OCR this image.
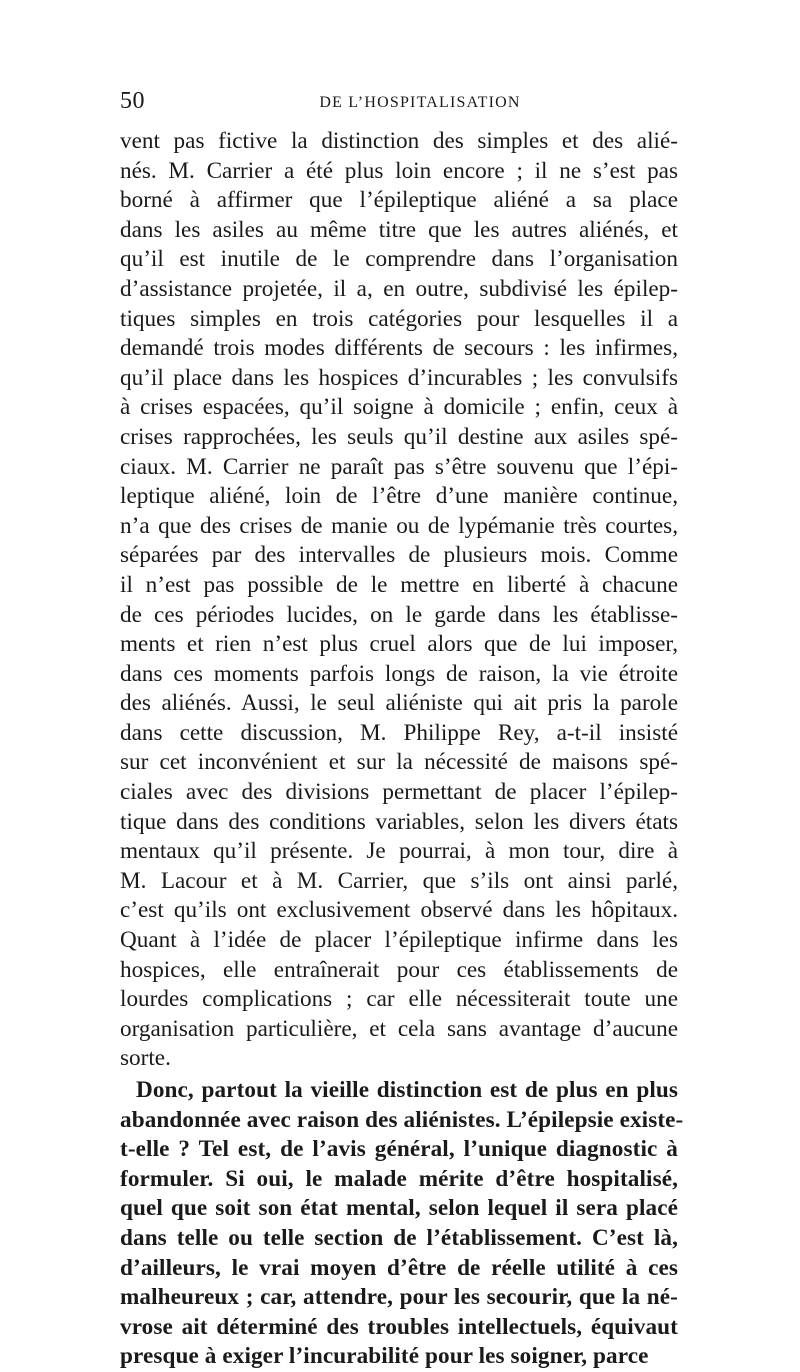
50	DE L’HOSPITALISATION
vent pas fictive la distinction des simples et des alié-
nés. M. Carrier a été plus loin encore ; il ne s’est pas
borné à affirmer que l’épileptique aliéné a sa place
dans les asiles au même titre que les autres aliénés, et
qu’il est inutile de le comprendre dans l’organisation
d’assistance projetée, il a, en outre, subdivisé les épilep-
tiques simples en trois catégories pour lesquelles il a
demandé trois modes différents de secours : les infirmes,
qu’il place dans les hospices d’incurables ; les convulsifs
à crises espacées, qu’il soigne à domicile ; enfin, ceux à
crises rapprochées, les seuls qu’il destine aux asiles spé-
ciaux. M. Carrier ne paraît pas s’être souvenu que l’épi-
leptique aliéné, loin de l’être d’une manière continue,
n’a que des crises de manie ou de lypémanie très courtes,
séparées par des intervalles de plusieurs mois. Comme
il n’est pas possible de le mettre en liberté à chacune
de ces périodes lucides, on le garde dans les établisse-
ments et rien n’est plus cruel alors que de lui imposer,
dans ces moments parfois longs de raison, la vie étroite
des aliénés. Aussi, le seul aliéniste qui ait pris la parole
dans cette discussion, M. Philippe Rey, a-t-il insisté
sur cet inconvénient et sur la nécessité de maisons spé-
ciales avec des divisions permettant de placer l’épilep-
tique dans des conditions variables, selon les divers états
mentaux qu’il présente. Je pourrai, à mon tour, dire à
M. Lacour et à M. Carrier, que s’ils ont ainsi parlé,
c’est qu’ils ont exclusivement observé dans les hôpitaux.
Quant à l’idée de placer l’épileptique infirme dans les
hospices, elle entraînerait pour ces établissements de
lourdes complications ; car elle nécessiterait toute une
organisation particulière, et cela sans avantage d’aucune
sorte.
Donc, partout la vieille distinction est de plus en plus
abandonnée avec raison des aliénistes. L’épilepsie existe-
t-elle ? Tel est, de l’avis général, l’unique diagnostic à
formuler. Si oui, le malade mérite d’être hospitalisé,
quel que soit son état mental, selon lequel il sera placé
dans telle ou telle section de l’établissement. C’est là,
d’ailleurs, le vrai moyen d’être de réelle utilité à ces
malheureux ; car, attendre, pour les secourir, que la né-
vrose ait déterminé des troubles intellectuels, équivaut
presque à exiger l’incurabilité pour les soigner, parce
